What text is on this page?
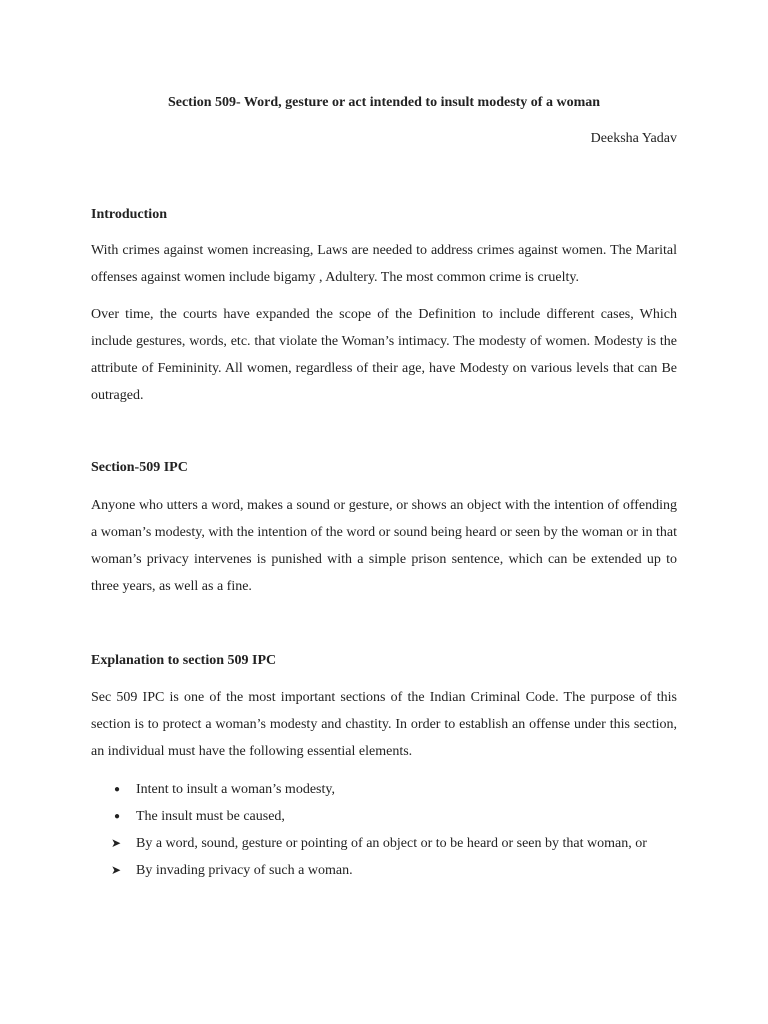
Section 509- Word, gesture or act intended to insult modesty of a woman
Deeksha Yadav
Introduction

With crimes against women increasing, Laws are needed to address crimes against women. The Marital offenses against women include bigamy , Adultery. The most common crime is cruelty.

Over time, the courts have expanded the scope of the Definition to include different cases, Which include gestures, words, etc. that violate the Woman’s intimacy. The modesty of women. Modesty is the attribute of Femininity. All women, regardless of their age, have Modesty on various levels that can Be outraged.

Section-509 IPC

Anyone who utters a word, makes a sound or gesture, or shows an object with the intention of offending a woman’s modesty, with the intention of the word or sound being heard or seen by the woman or in that woman’s privacy intervenes is punished with a simple prison sentence, which can be extended up to three years, as well as a fine.

Explanation to section 509 IPC

Sec 509 IPC is one of the most important sections of the Indian Criminal Code. The purpose of this section is to protect a woman’s modesty and chastity. In order to establish an offense under this section, an individual must have the following essential elements.

● Intent to insult a woman’s modesty,
● The insult must be caused,
➤ By a word, sound, gesture or pointing of an object or to be heard or seen by that woman, or
➤ By invading privacy of such a woman.
